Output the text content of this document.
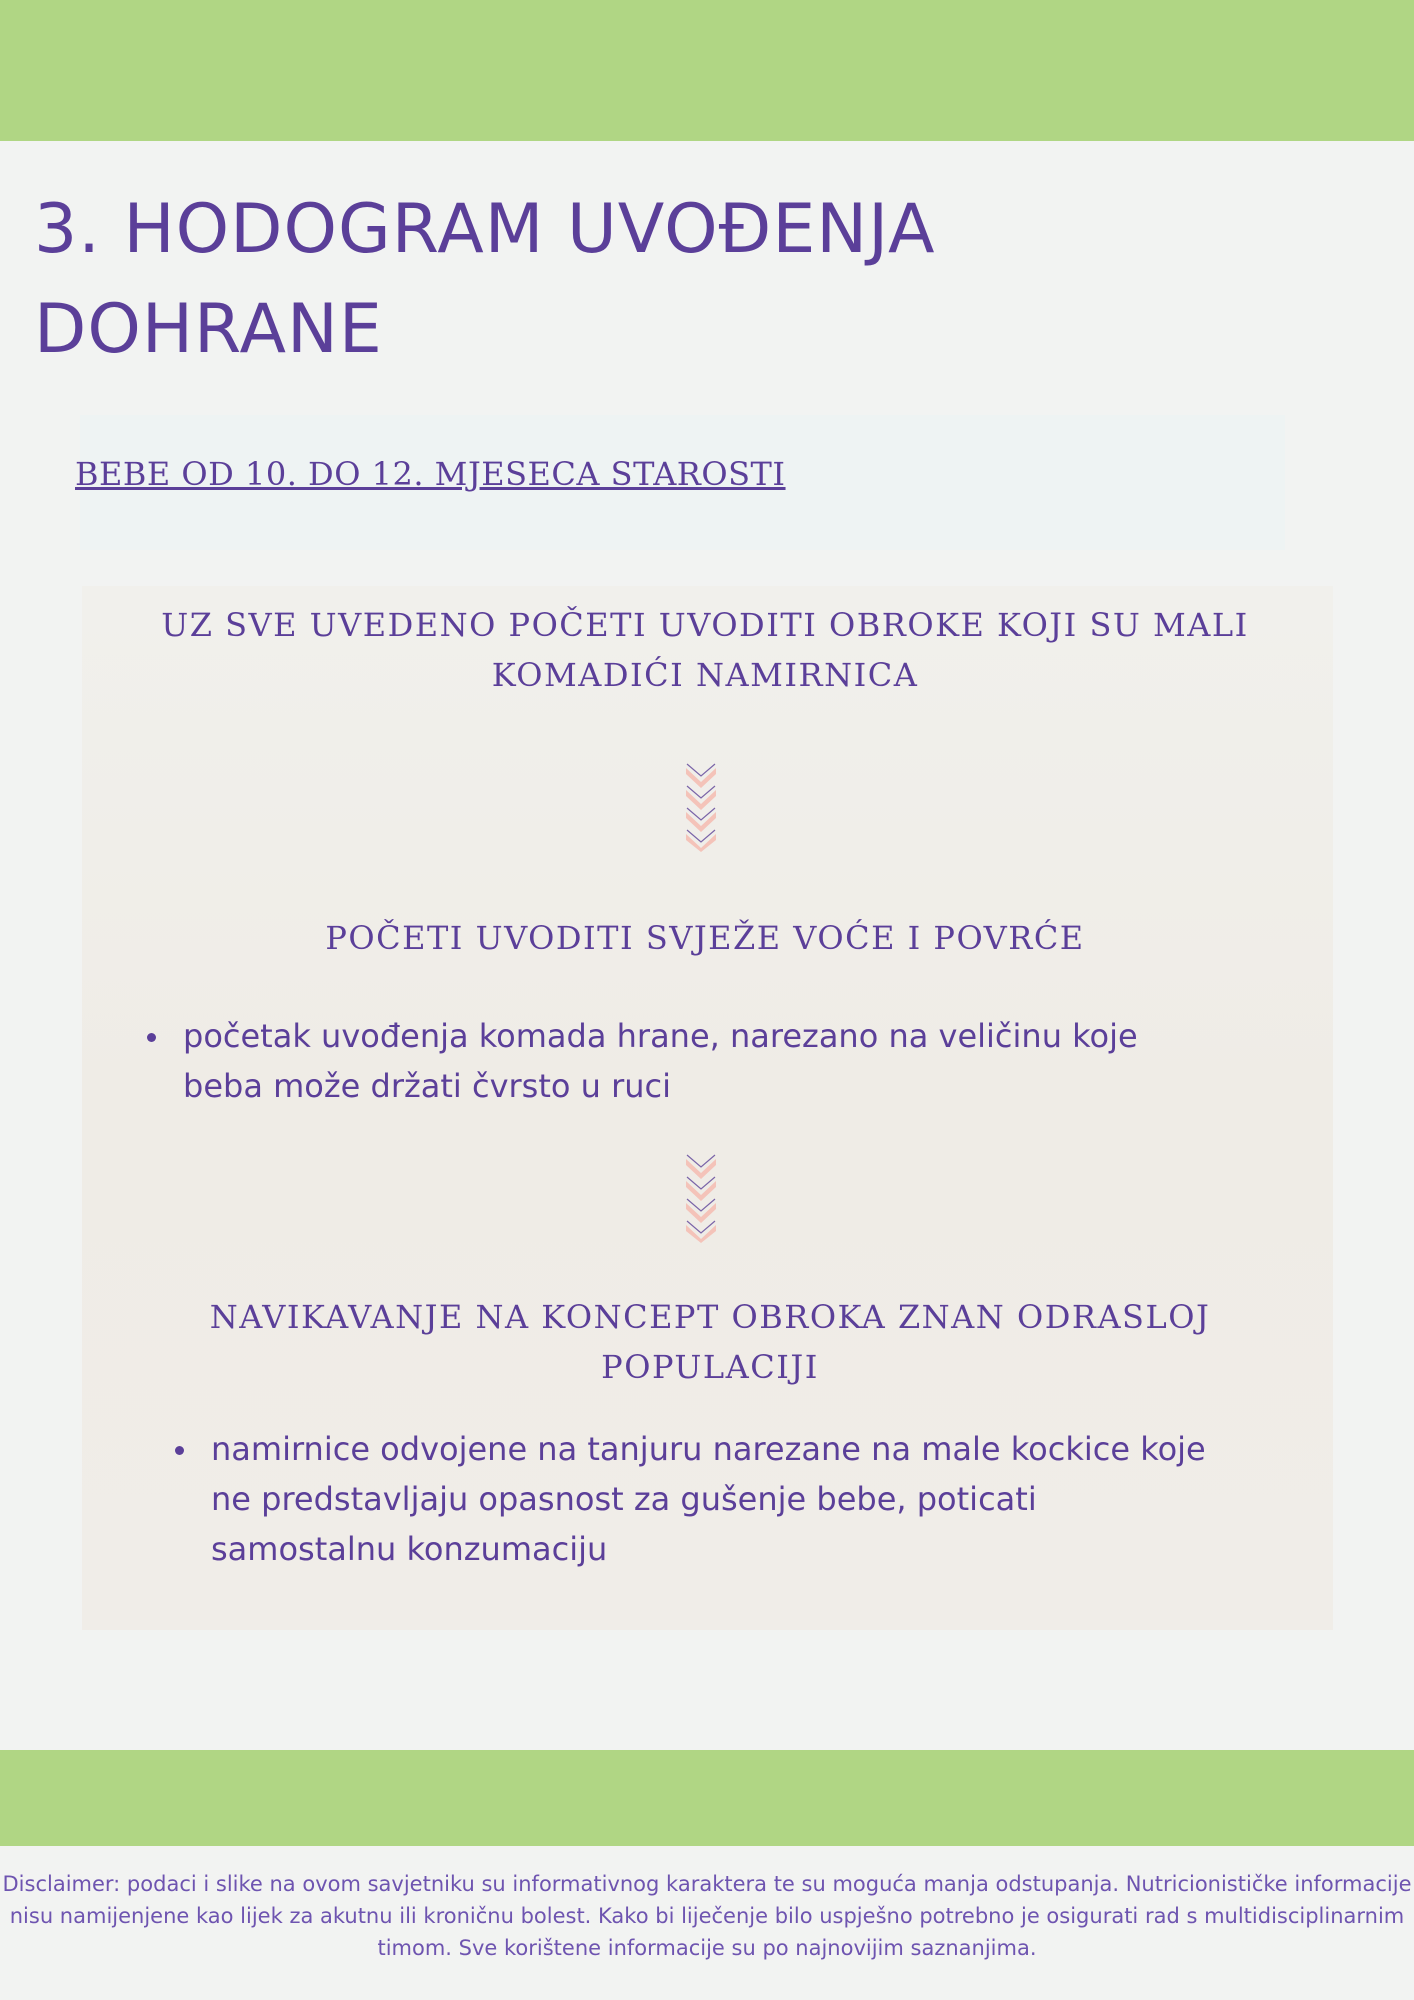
3. HODOGRAM UVOĐENJA DOHRANE
BEBE OD 10. DO 12. MJESECA STAROSTI
UZ SVE UVEDENO POČETI UVODITI OBROKE KOJI SU MALI KOMADIĆI NAMIRNICA
POČETI UVODITI SVJEŽE VOĆE I POVRĆE
početak uvođenja komada hrane, narezano na veličinu koje beba može držati čvrsto u ruci
NAVIKAVANJE NA KONCEPT OBROKA ZNAN ODRASLOJ POPULACIJI
namirnice odvojene na tanjuru narezane na male kockice koje ne predstavljaju opasnost za gušenje bebe, poticati samostalnu konzumaciju
Disclaimer: podaci i slike na ovom savjetniku su informativnog karaktera te su moguća manja odstupanja. Nutricionističke informacije nisu namijenjene kao lijek za akutnu ili kroničnu bolest. Kako bi liječenje bilo uspješno potrebno je osigurati rad s multidisciplinarnim timom. Sve korištene informacije su po najnovijim saznanjima.
